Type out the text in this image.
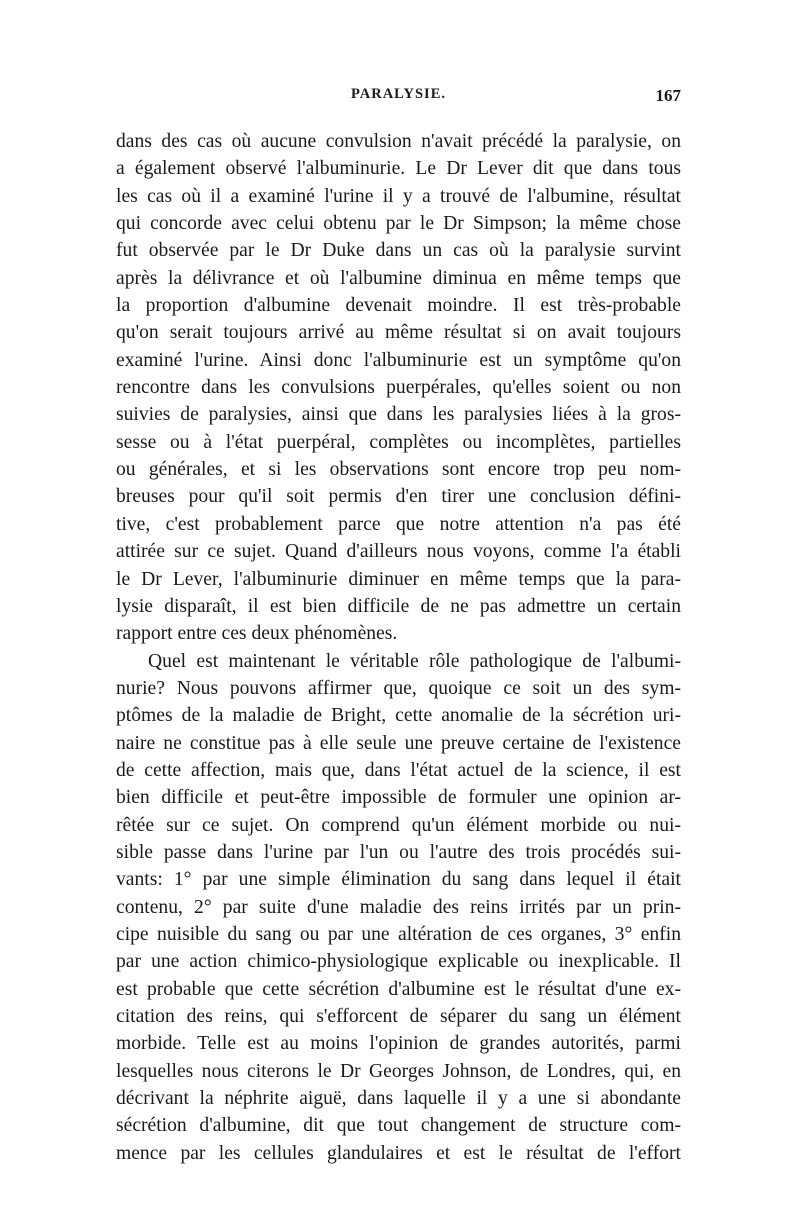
PARALYSIE.	167
dans des cas où aucune convulsion n'avait précédé la paralysie, on
a également observé l'albuminurie. Le Dr Lever dit que dans tous
les cas où il a examiné l'urine il y a trouvé de l'albumine, résultat
qui concorde avec celui obtenu par le Dr Simpson; la même chose
fut observée par le Dr Duke dans un cas où la paralysie survint
après la délivrance et où l'albumine diminua en même temps que
la proportion d'albumine devenait moindre. Il est très-probable
qu'on serait toujours arrivé au même résultat si on avait toujours
examiné l'urine. Ainsi donc l'albuminurie est un symptôme qu'on
rencontre dans les convulsions puerpérales, qu'elles soient ou non
suivies de paralysies, ainsi que dans les paralysies liées à la gros-
sesse ou à l'état puerpéral, complètes ou incomplètes, partielles
ou générales, et si les observations sont encore trop peu nom-
breuses pour qu'il soit permis d'en tirer une conclusion défini-
tive, c'est probablement parce que notre attention n'a pas été
attirée sur ce sujet. Quand d'ailleurs nous voyons, comme l'a établi
le Dr Lever, l'albuminurie diminuer en même temps que la para-
lysie disparaît, il est bien difficile de ne pas admettre un certain
rapport entre ces deux phénomènes.
Quel est maintenant le véritable rôle pathologique de l'albumi-
nurie? Nous pouvons affirmer que, quoique ce soit un des sym-
ptômes de la maladie de Bright, cette anomalie de la sécrétion uri-
naire ne constitue pas à elle seule une preuve certaine de l'existence
de cette affection, mais que, dans l'état actuel de la science, il est
bien difficile et peut-être impossible de formuler une opinion ar-
rêtée sur ce sujet. On comprend qu'un élément morbide ou nui-
sible passe dans l'urine par l'un ou l'autre des trois procédés sui-
vants: 1° par une simple élimination du sang dans lequel il était
contenu, 2° par suite d'une maladie des reins irrités par un prin-
cipe nuisible du sang ou par une altération de ces organes, 3° enfin
par une action chimico-physiologique explicable ou inexplicable. Il
est probable que cette sécrétion d'albumine est le résultat d'une ex-
citation des reins, qui s'efforcent de séparer du sang un élément
morbide. Telle est au moins l'opinion de grandes autorités, parmi
lesquelles nous citerons le Dr Georges Johnson, de Londres, qui, en
décrivant la néphrite aiguë, dans laquelle il y a une si abondante
sécrétion d'albumine, dit que tout changement de structure com-
mence par les cellules glandulaires et est le résultat de l'effort
